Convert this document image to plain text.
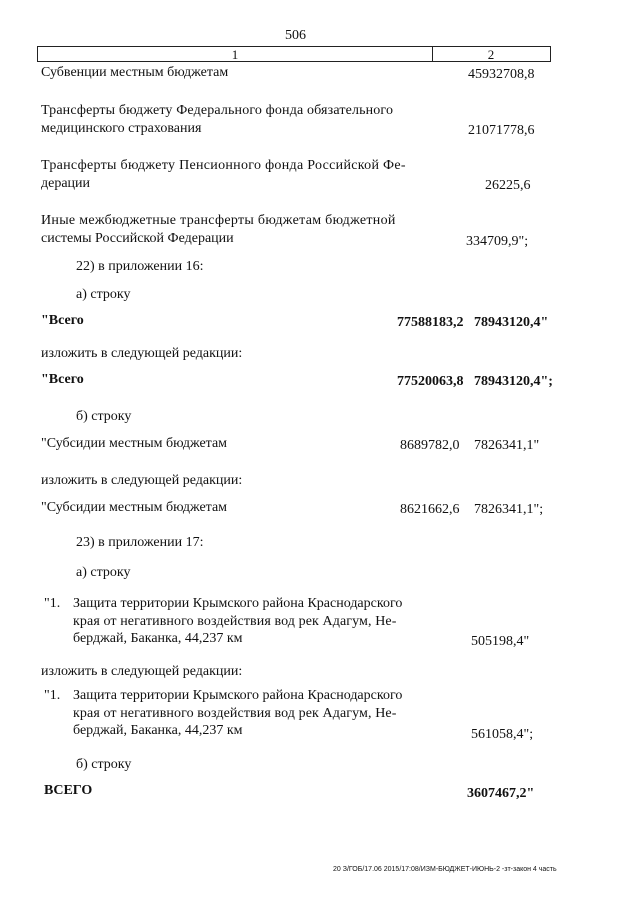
506
1	2
Субвенции местным бюджетам	45932708,8
Трансферты бюджету Федерального фонда обязательного
медицинского страхования	21071778,6
Трансферты бюджету Пенсионного фонда Российской Фе-
дерации	26225,6
Иные межбюджетные трансферты бюджетам бюджетной
системы Российской Федерации	334709,9";
22) в приложении 16:
а) строку
"Всего	77588183,2 78943120,4"
изложить в следующей редакции:
"Всего	77520063,8 78943120,4";
б) строку
"Субсидии местным бюджетам	8689782,0 7826341,1"
изложить в следующей редакции:
"Субсидии местным бюджетам	8621662,6 7826341,1";
23) в приложении 17:
а) строку
"1. Защита территории Крымского района Краснодарского
края от негативного воздействия вод рек Адагум, Не-
берджай, Баканка, 44,237 км	505198,4"
изложить в следующей редакции:
"1. Защита территории Крымского района Краснодарского
края от негативного воздействия вод рек Адагум, Не-
берджай, Баканка, 44,237 км	561058,4";
б) строку
ВСЕГО	3607467,2"
20 З/ГОБ/17.06 2015/17:08/ИЗМ-БЮДЖЕТ-ИЮНЬ-2 -зт-закон 4 часть
